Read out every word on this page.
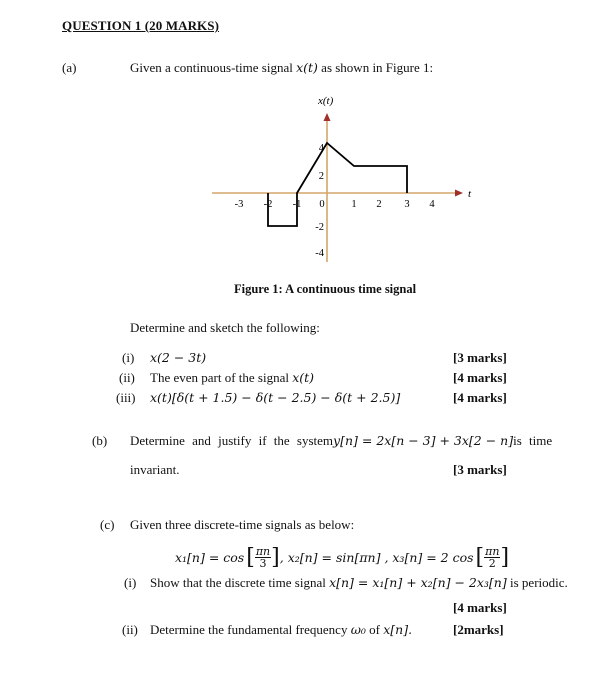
QUESTION 1 (20 MARKS)
(a)	Given a continuous-time signal x(t) as shown in Figure 1:
x(t)
t
-3 -2 -1 0	1 2 3 4
4
2
-2
-4
Figure 1: A continuous time signal
Determine and sketch the following:
(i) x(2 − 3t)	[3 marks]
(ii) The even part of the signal x(t)	[4 marks]
(iii) x(t)[δ(t + 1.5) − δ(t − 2.5) − δ(t + 2.5)]	[4 marks]
(b) Determine and justify if the system y[n] = 2x[n − 3] + 3x[2 − n] is time
invariant.	[3 marks]
(c) Given three discrete-time signals as below:
x₁[n] = cos [ $\frac{\pi n}{3}$ ] , x₂[n] = sin[πn] , x₃[n] = 2 cos [ $\frac{\pi n}{2}$ ]
(i) Show that the discrete time signal x[n] = x₁[n] + x₂[n] − 2x₃[n] is periodic.
[4 marks]
(ii) Determine the fundamental frequency ω₀ of x[n].	[2marks]
